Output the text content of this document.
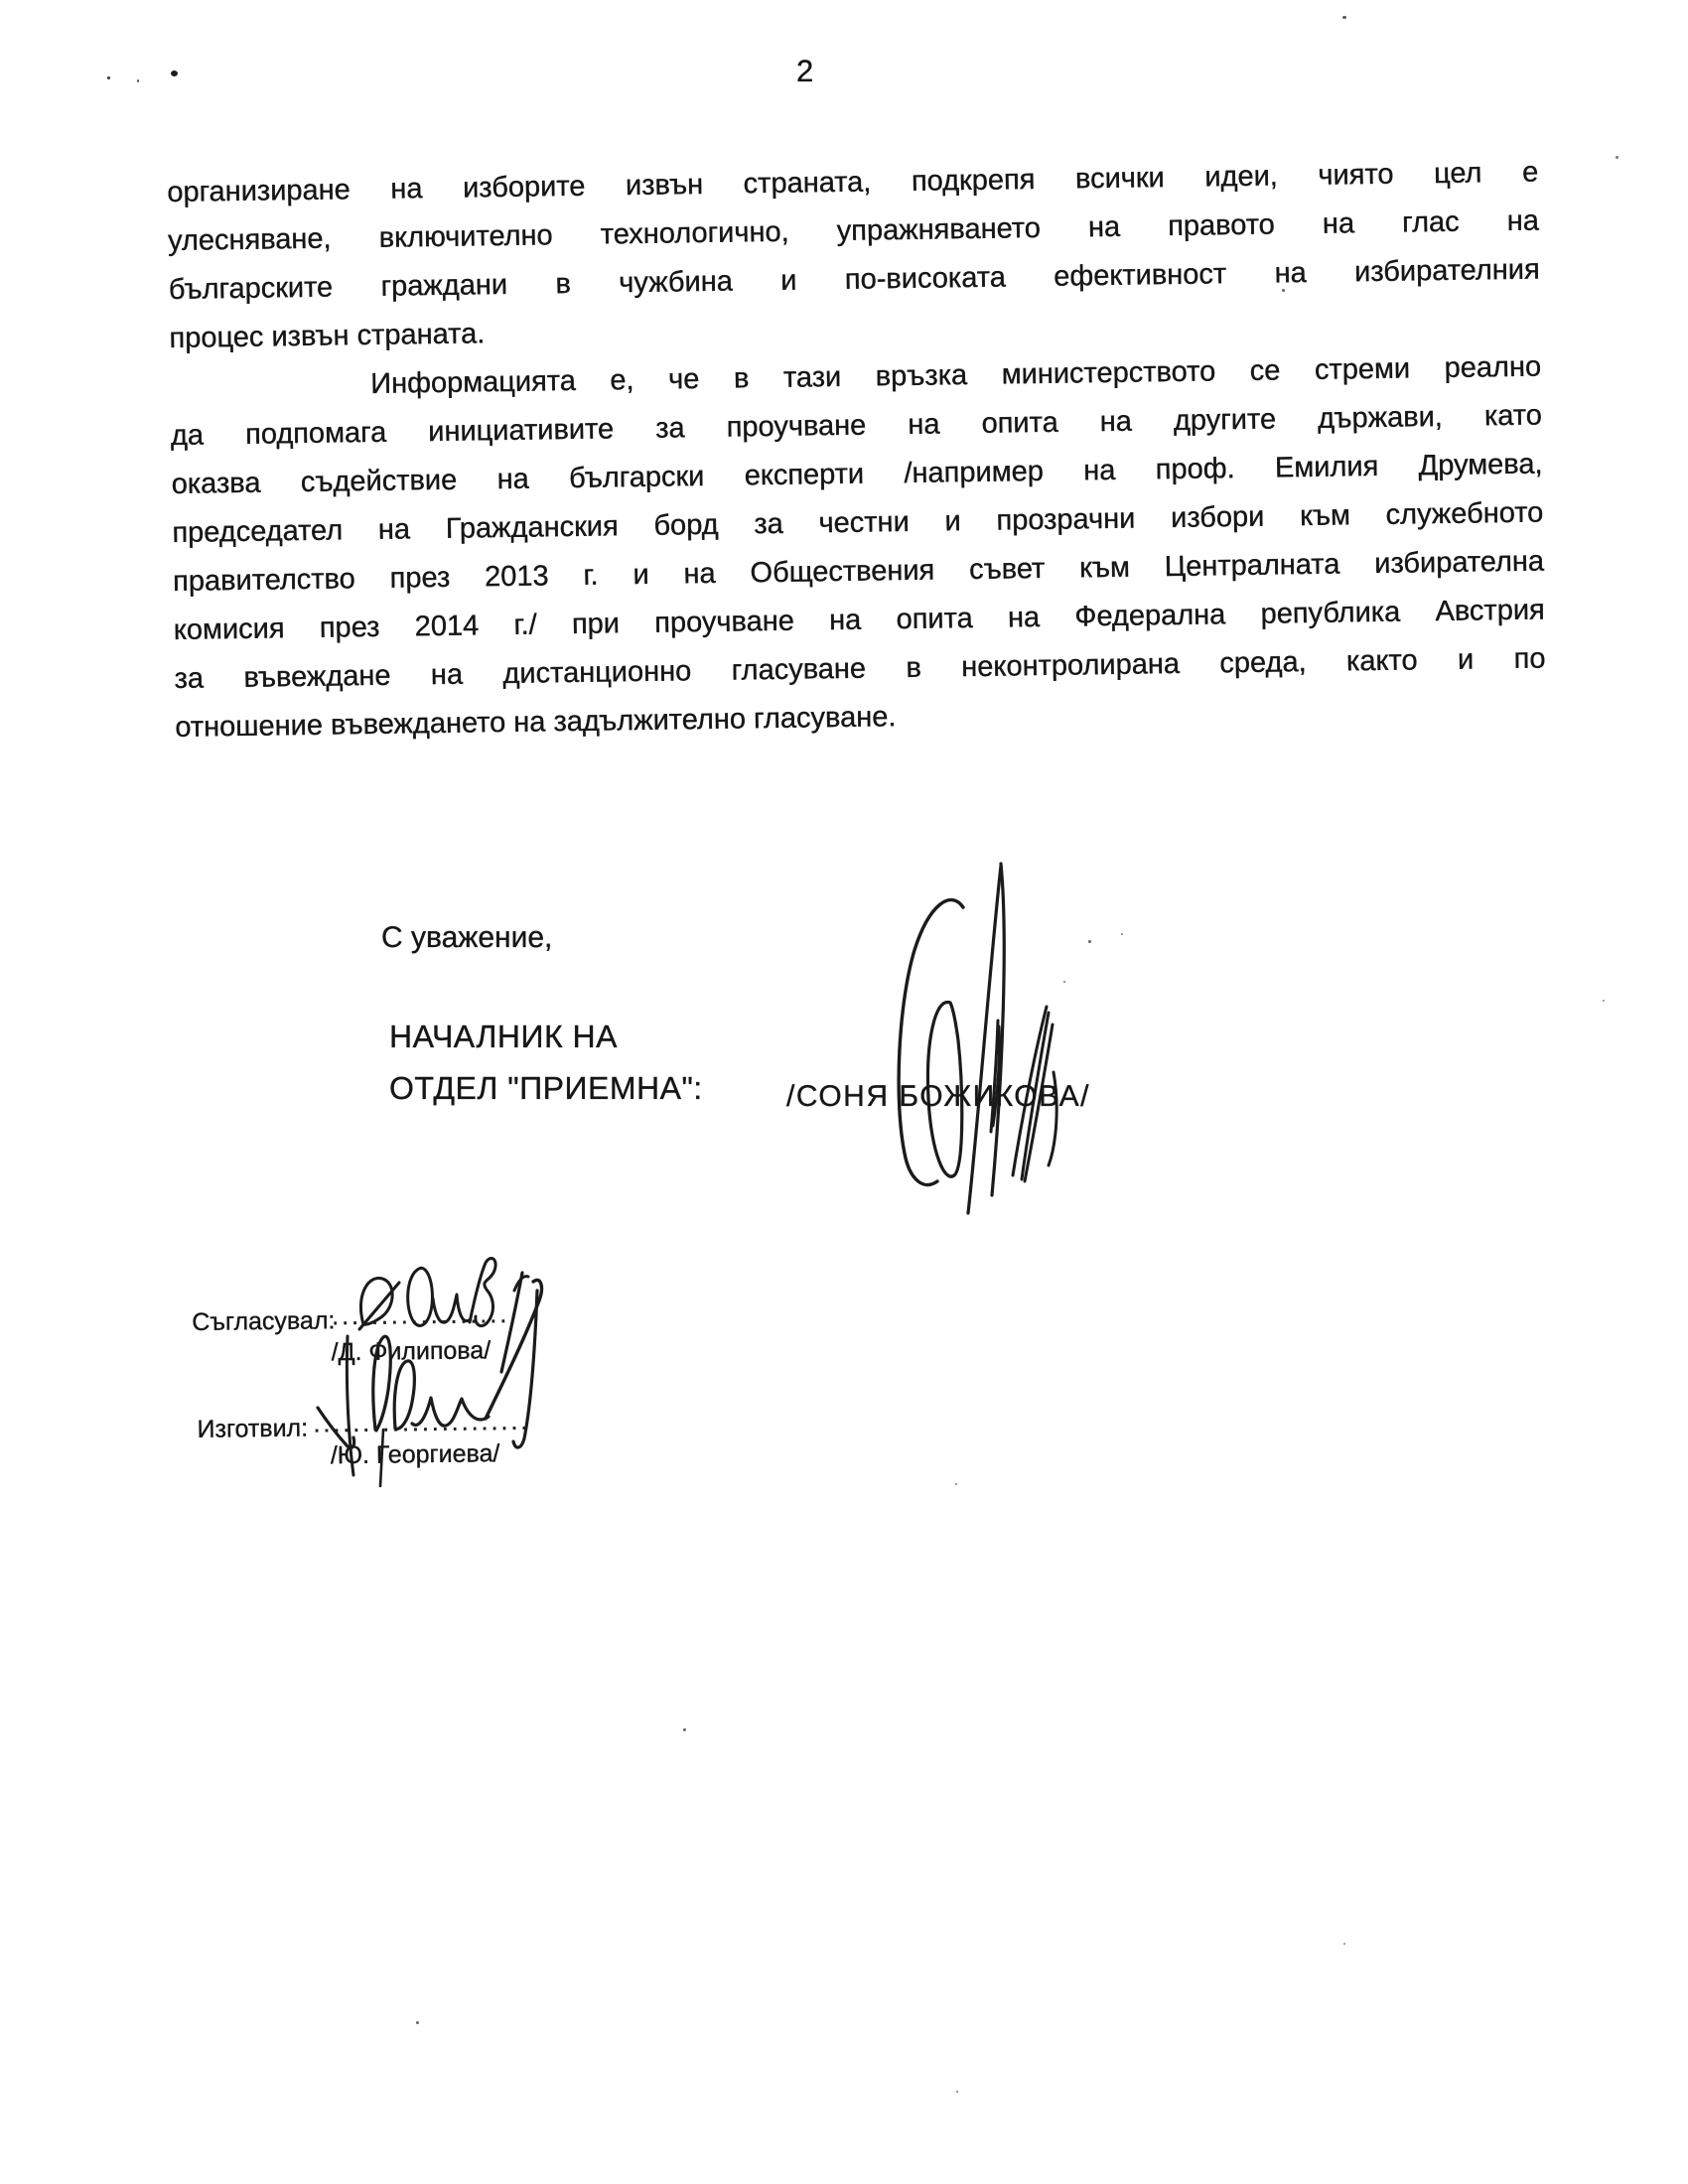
2
организиране на изборите извън страната, подкрепя всички идеи, чиято цел е
улесняване, включително технологично, упражняването на правото на глас на
българските граждани в чужбина и по-високата ефективност на избирателния
процес извън страната.
Информацията е, че в тази връзка министерството се стреми реално
да подпомага инициативите за проучване на опита на другите държави, като
оказва съдействие на български експерти /например на проф. Емилия Друмева,
председател на Гражданския борд за честни и прозрачни избори към служебното
правителство през 2013 г. и на Обществения съвет към Централната избирателна
комисия през 2014 г./ при проучване на опита на Федерална република Австрия
за въвеждане на дистанционно гласуване в неконтролирана среда, както и по
отношение въвеждането на задължително гласуване.
С уважение,
НАЧАЛНИК НА
ОТДЕЛ "ПРИЕМНА":	/СОНЯ БОЖИКОВА/
Съгласувал:
..................
/Д. Филипова/
Изготвил: ......................
/Ю. Георгиева/
